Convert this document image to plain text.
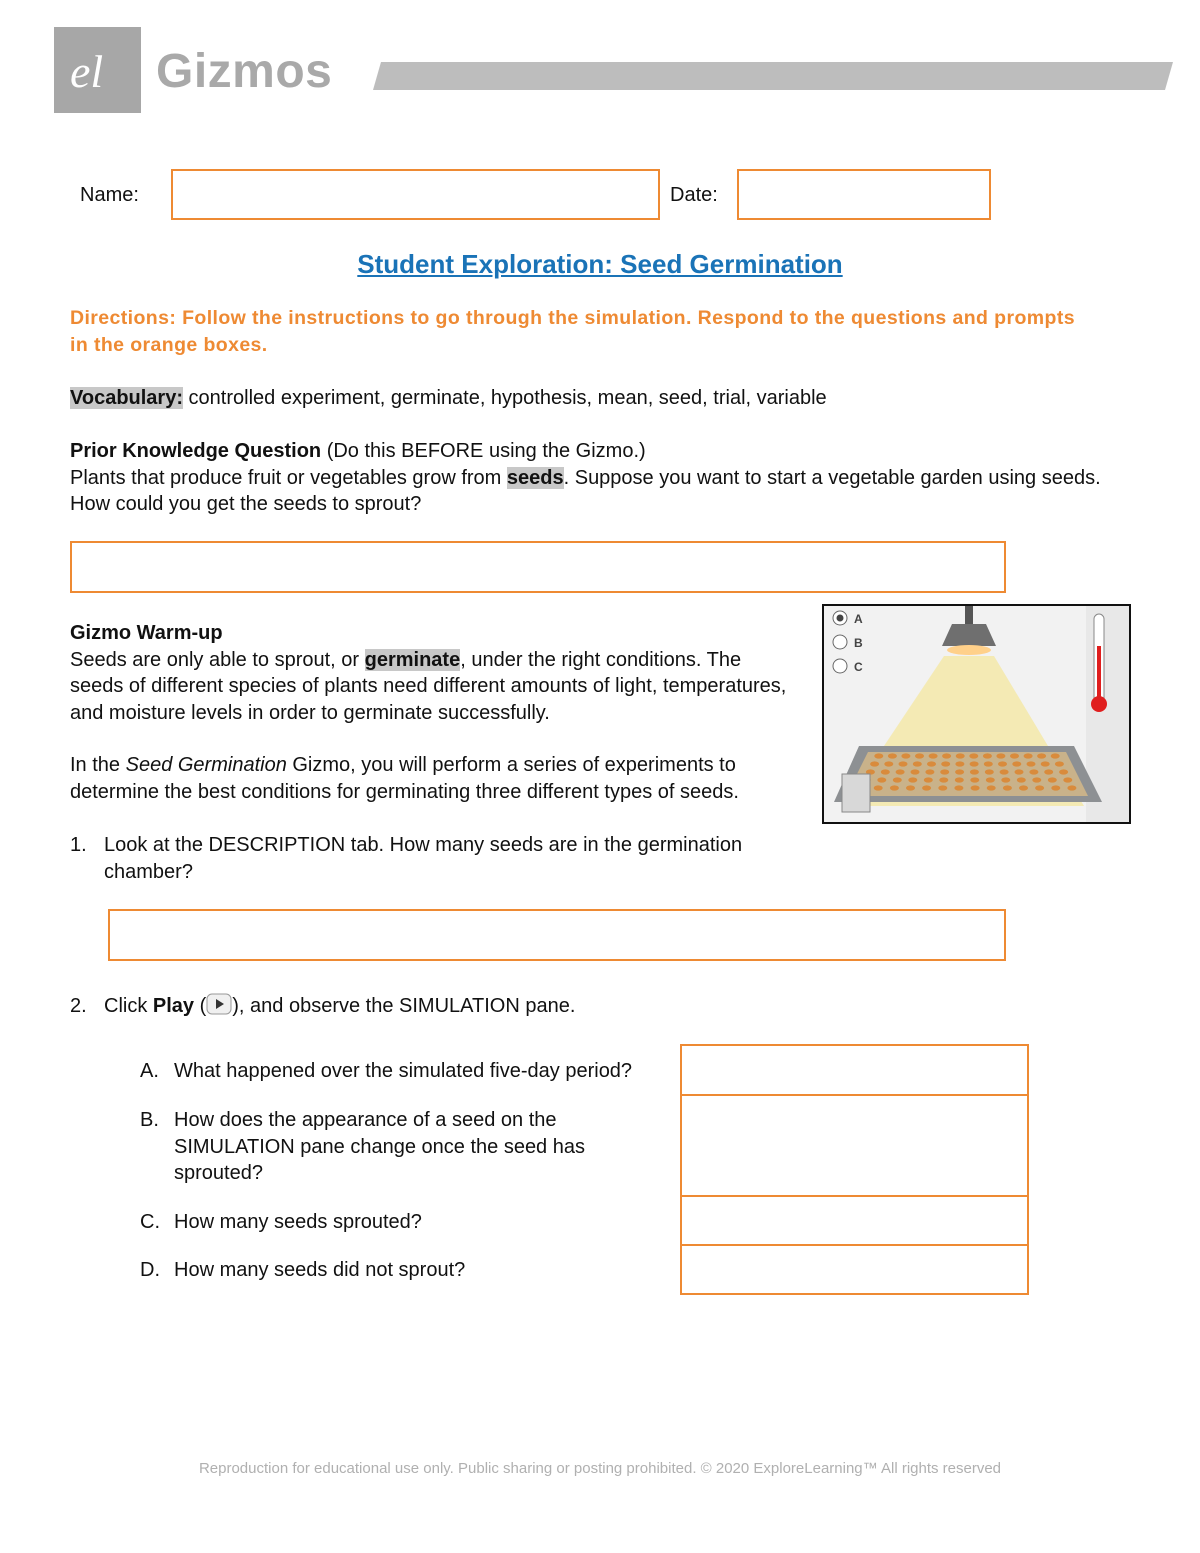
el Gizmos
Name:	Date:
Student Exploration: Seed Germination
Directions: Follow the instructions to go through the simulation. Respond to the questions and prompts in the orange boxes.
Vocabulary: controlled experiment, germinate, hypothesis, mean, seed, trial, variable
Prior Knowledge Question (Do this BEFORE using the Gizmo.)
Plants that produce fruit or vegetables grow from seeds. Suppose you want to start a vegetable garden using seeds. How could you get the seeds to sprout?
Gizmo Warm-up
Seeds are only able to sprout, or germinate, under the right conditions. The seeds of different species of plants need different amounts of light, temperatures, and moisture levels in order to germinate successfully.
In the Seed Germination Gizmo, you will perform a series of experiments to determine the best conditions for germinating three different types of seeds.
A
B
C
1. Look at the DESCRIPTION tab. How many seeds are in the germination chamber?
2. Click Play ( ), and observe the SIMULATION pane.
A. What happened over the simulated five-day period?
B. How does the appearance of a seed on the SIMULATION pane change once the seed has sprouted?
C. How many seeds sprouted?
D. How many seeds did not sprout?
Reproduction for educational use only. Public sharing or posting prohibited. © 2020 ExploreLearning™ All rights reserved
